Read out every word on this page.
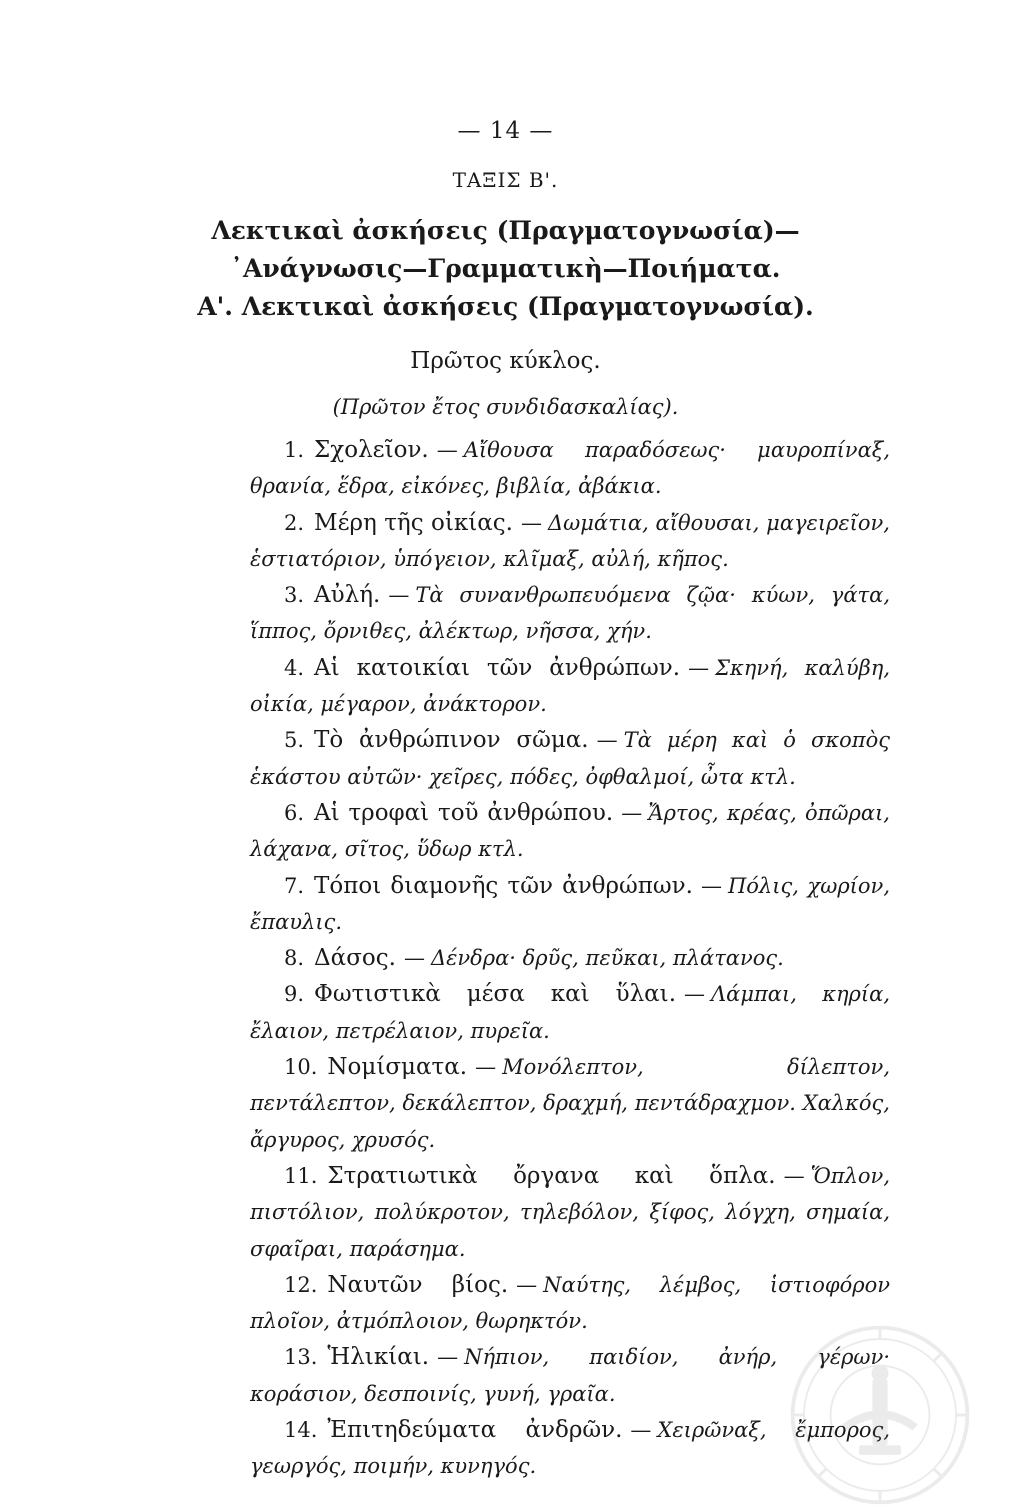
— 14 —
ΤΑΞΙΣ Β'.
Λεκτικαὶ ἀσκήσεις (Πραγματογνωσία)—
᾽Ανάγνωσις—Γραμματικὴ—Ποιήματα.
Α'. Λεκτικαὶ ἀσκήσεις (Πραγματογνωσία).
Πρῶτος κύκλος.
(Πρῶτον ἔτος συνδιδασκαλίας).

1. Σχολεῖον. — Αἴθουσα παραδόσεως· μαυροπίναξ, θρανία, ἕδρα, εἰκόνες, βιβλία, ἀβάκια.

2. Μέρη τῆς οἰκίας. — Δωμάτια, αἴθουσαι, μαγειρεῖον, ἑστιατόριον, ὑπόγειον, κλῖμαξ, αὐλή, κῆπος.

3. Αὐλή. — Τὰ συνανθρωπευόμενα ζῷα· κύων, γάτα, ἵππος, ὄρνιθες, ἀλέκτωρ, νῆσσα, χήν.

4. Αἱ κατοικίαι τῶν ἀνθρώπων. — Σκηνή, καλύβη, οἰκία, μέγαρον, ἀνάκτορον.

5. Τὸ ἀνθρώπινον σῶμα. — Τὰ μέρη καὶ ὁ σκοπὸς ἑκάστου αὐτῶν· χεῖρες, πόδες, ὀφθαλμοί, ὦτα κτλ.

6. Αἱ τροφαὶ τοῦ ἀνθρώπου. — Ἄρτος, κρέας, ὀπῶραι, λάχανα, σῖτος, ὕδωρ κτλ.

7. Τόποι διαμονῆς τῶν ἀνθρώπων. — Πόλις, χωρίον, ἔπαυλις.

8. Δάσος. — Δένδρα· δρῦς, πεῦκαι, πλάτανος.

9. Φωτιστικὰ μέσα καὶ ὕλαι. — Λάμπαι, κηρία, ἔλαιον, πετρέλαιον, πυρεῖα.

10. Νομίσματα. — Μονόλεπτον, δίλεπτον, πεντάλεπτον, δεκάλεπτον, δραχμή, πεντάδραχμον. Χαλκός, ἄργυρος, χρυσός.

11. Στρατιωτικὰ ὄργανα καὶ ὅπλα. — Ὅπλον, πιστόλιον, πολύκροτον, τηλεβόλον, ξίφος, λόγχη, σημαία, σφαῖραι, παράσημα.

12. Ναυτῶν βίος. — Ναύτης, λέμβος, ἱστιοφόρον πλοῖον, ἀτμόπλοιον, θωρηκτόν.

13. Ἡλικίαι. — Νήπιον, παιδίον, ἀνήρ, γέρων· κοράσιον, δεσποινίς, γυνή, γραῖα.

14. Ἐπιτηδεύματα ἀνδρῶν. — Χειρῶναξ, ἔμπορος, γεωργός, ποιμήν, κυνηγός.
